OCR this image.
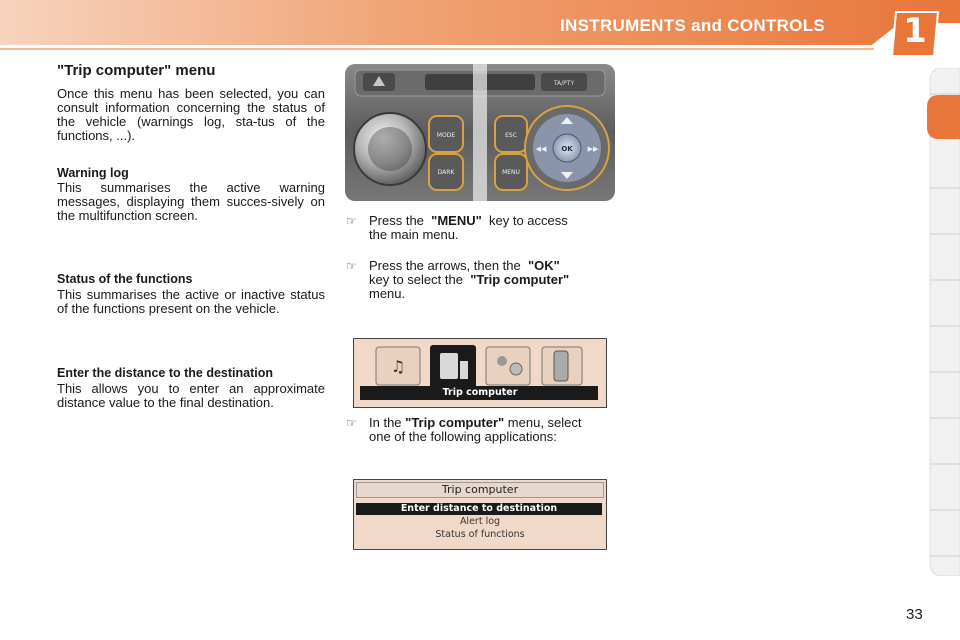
INSTRUMENTS and CONTROLS	1
"Trip computer" menu
Once this menu has been selected, you can consult information concerning the status of the vehicle (warnings log, sta-tus of the functions, ...).
Warning log
This summarises the active warning messages, displaying them succes-sively on the multifunction screen.
Status of the functions
This summarises the active or inactive status of the functions present on the vehicle.
Enter the distance to the destination
This allows you to enter an approximate distance value to the final destination.
TA/PTY
MODE
DARK
ESC
MENU
◀◀	▶▶
OK
☞ Press the "MENU" key to access
the main menu.
☞ Press the arrows, then the "OK"
key to select the "Trip computer"
menu.
♫
Trip computer
☞ In the "Trip computer" menu, select
one of the following applications:
Trip computer
Enter distance to destination
Alert log
Status of functions
33
